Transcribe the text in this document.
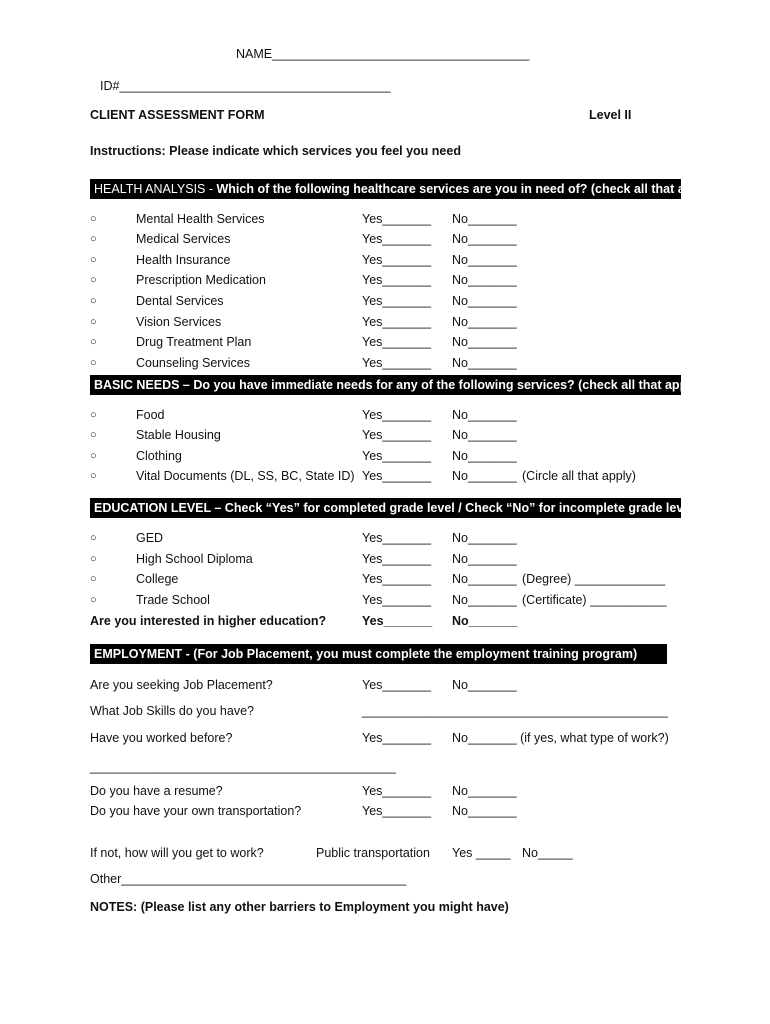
NAME_____________________________________
ID#_______________________________________
CLIENT ASSESSMENT FORM	Level II
Instructions: Please indicate which services you feel you need
HEALTH ANALYSIS - Which of the following healthcare services are you in need of? (check all that apply)
○	Mental Health Services	Yes_______ No_______
○	Medical Services	Yes_______ No_______
○	Health Insurance	Yes_______ No_______
○	Prescription Medication	Yes_______ No_______
○	Dental Services	Yes_______ No_______
○	Vision Services	Yes_______ No_______
○	Drug Treatment Plan	Yes_______ No_______
○	Counseling Services	Yes_______ No_______
BASIC NEEDS – Do you have immediate needs for any of the following services? (check all that apply)
○	Food	Yes_______ No_______
○	Stable Housing	Yes_______ No_______
○	Clothing	Yes_______ No_______
○	Vital Documents (DL, SS, BC, State ID) Yes_______ No_______ (Circle all that apply)
EDUCATION LEVEL – Check “Yes” for completed grade level / Check “No” for incomplete grade level
○	GED	Yes_______ No_______
○	High School Diploma	Yes_______ No_______
○	College	Yes_______ No_______ (Degree) _____________
○	Trade School	Yes_______ No_______ (Certificate) ___________
Are you interested in higher education?	Yes_______ No_______
EMPLOYMENT - (For Job Placement, you must complete the employment training program)
Are you seeking Job Placement?	Yes_______ No_______
What Job Skills do you have?	____________________________________________
Have you worked before?	Yes_______ No_______ (if yes, what type of work?)
____________________________________________
Do you have a resume?	Yes_______ No_______
Do you have your own transportation?	Yes_______ No_______
If not, how will you get to work?	Public transportation Yes _____ No_____
Other_________________________________________
NOTES: (Please list any other barriers to Employment you might have)
